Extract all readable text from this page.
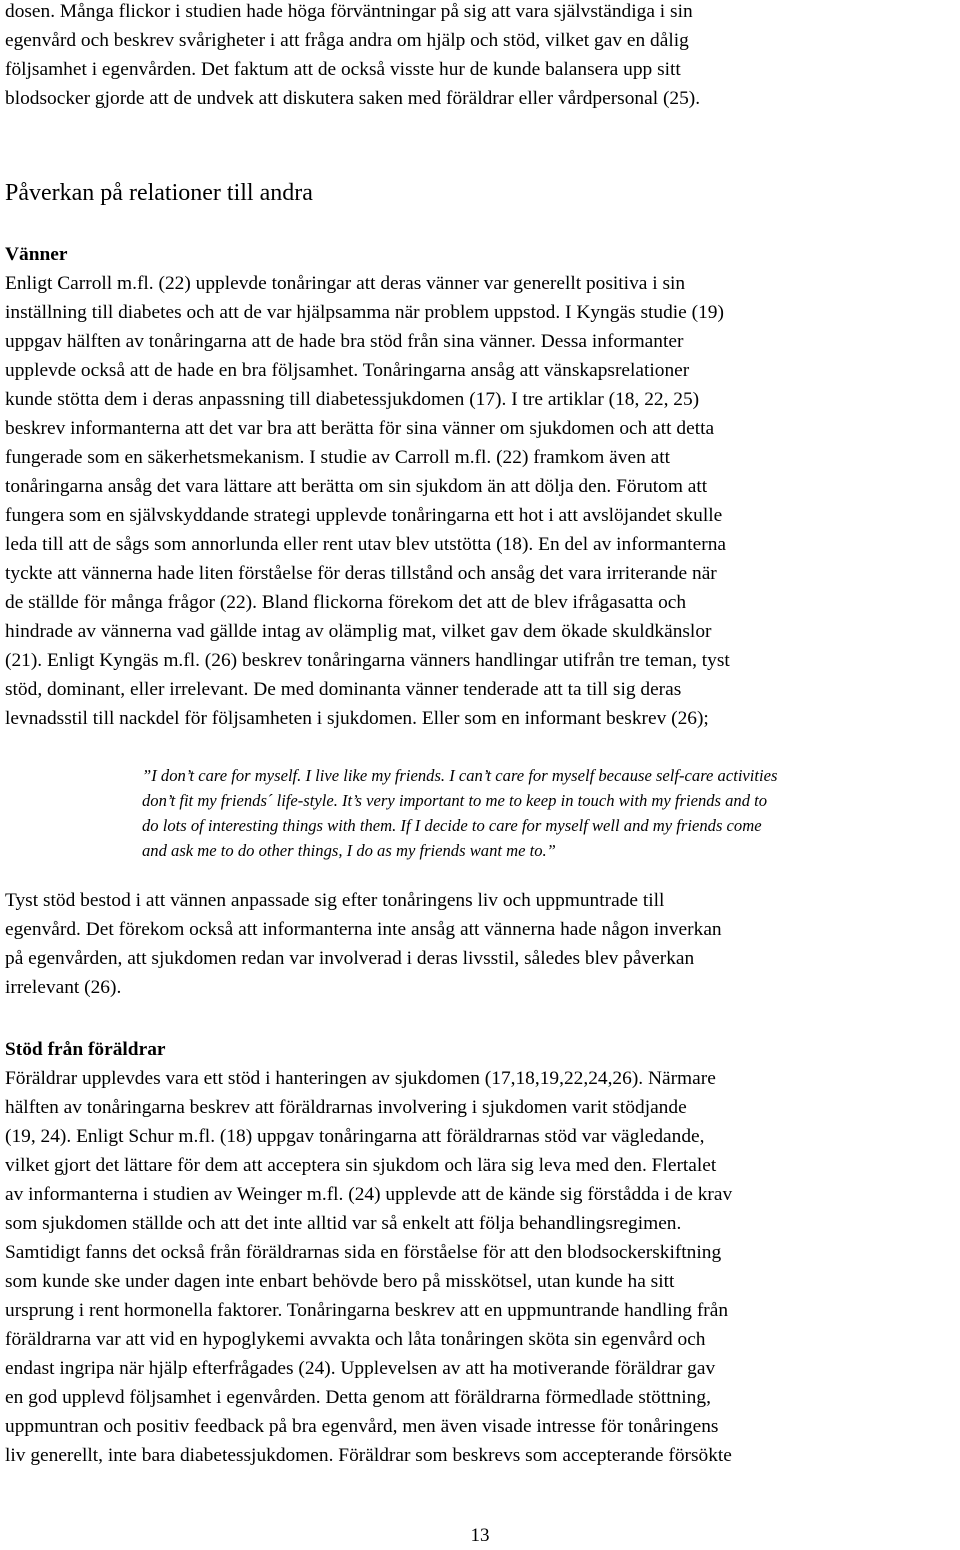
dosen. Många flickor i studien hade höga förväntningar på sig att vara självständiga i sin
egenvård och beskrev svårigheter i att fråga andra om hjälp och stöd, vilket gav en dålig
följsamhet i egenvården. Det faktum att de också visste hur de kunde balansera upp sitt
blodsocker gjorde att de undvek att diskutera saken med föräldrar eller vårdpersonal (25).
Påverkan på relationer till andra
Vänner
Enligt Carroll m.fl. (22) upplevde tonåringar att deras vänner var generellt positiva i sin
inställning till diabetes och att de var hjälpsamma när problem uppstod. I Kyngäs studie (19)
uppgav hälften av tonåringarna att de hade bra stöd från sina vänner. Dessa informanter
upplevde också att de hade en bra följsamhet. Tonåringarna ansåg att vänskapsrelationer
kunde stötta dem i deras anpassning till diabetessjukdomen (17). I tre artiklar (18, 22, 25)
beskrev informanterna att det var bra att berätta för sina vänner om sjukdomen och att detta
fungerade som en säkerhetsmekanism. I studie av Carroll m.fl. (22) framkom även att
tonåringarna ansåg det vara lättare att berätta om sin sjukdom än att dölja den. Förutom att
fungera som en självskyddande strategi upplevde tonåringarna ett hot i att avslöjandet skulle
leda till att de sågs som annorlunda eller rent utav blev utstötta (18). En del av informanterna
tyckte att vännerna hade liten förståelse för deras tillstånd och ansåg det vara irriterande när
de ställde för många frågor (22). Bland flickorna förekom det att de blev ifrågasatta och
hindrade av vännerna vad gällde intag av olämplig mat, vilket gav dem ökade skuldkänslor
(21). Enligt Kyngäs m.fl. (26) beskrev tonåringarna vänners handlingar utifrån tre teman, tyst
stöd, dominant, eller irrelevant. De med dominanta vänner tenderade att ta till sig deras
levnadsstil till nackdel för följsamheten i sjukdomen. Eller som en informant beskrev (26);
”I don’t care for myself. I live like my friends. I can’t care for myself because self-care activities
don’t fit my friends´ life-style. It’s very important to me to keep in touch with my friends and to
do lots of interesting things with them. If I decide to care for myself well and my friends come
and ask me to do other things, I do as my friends want me to.”
Tyst stöd bestod i att vännen anpassade sig efter tonåringens liv och uppmuntrade till
egenvård. Det förekom också att informanterna inte ansåg att vännerna hade någon inverkan
på egenvården, att sjukdomen redan var involverad i deras livsstil, således blev påverkan
irrelevant (26).
Stöd från föräldrar
Föräldrar upplevdes vara ett stöd i hanteringen av sjukdomen (17,18,19,22,24,26). Närmare
hälften av tonåringarna beskrev att föräldrarnas involvering i sjukdomen varit stödjande
(19, 24). Enligt Schur m.fl. (18) uppgav tonåringarna att föräldrarnas stöd var vägledande,
vilket gjort det lättare för dem att acceptera sin sjukdom och lära sig leva med den. Flertalet
av informanterna i studien av Weinger m.fl. (24) upplevde att de kände sig förstådda i de krav
som sjukdomen ställde och att det inte alltid var så enkelt att följa behandlingsregimen.
Samtidigt fanns det också från föräldrarnas sida en förståelse för att den blodsockerskiftning
som kunde ske under dagen inte enbart behövde bero på misskötsel, utan kunde ha sitt
ursprung i rent hormonella faktorer. Tonåringarna beskrev att en uppmuntrande handling från
föräldrarna var att vid en hypoglykemi avvakta och låta tonåringen sköta sin egenvård och
endast ingripa när hjälp efterfrågades (24). Upplevelsen av att ha motiverande föräldrar gav
en god upplevd följsamhet i egenvården. Detta genom att föräldrarna förmedlade stöttning,
uppmuntran och positiv feedback på bra egenvård, men även visade intresse för tonåringens
liv generellt, inte bara diabetessjukdomen. Föräldrar som beskrevs som accepterande försökte
13
